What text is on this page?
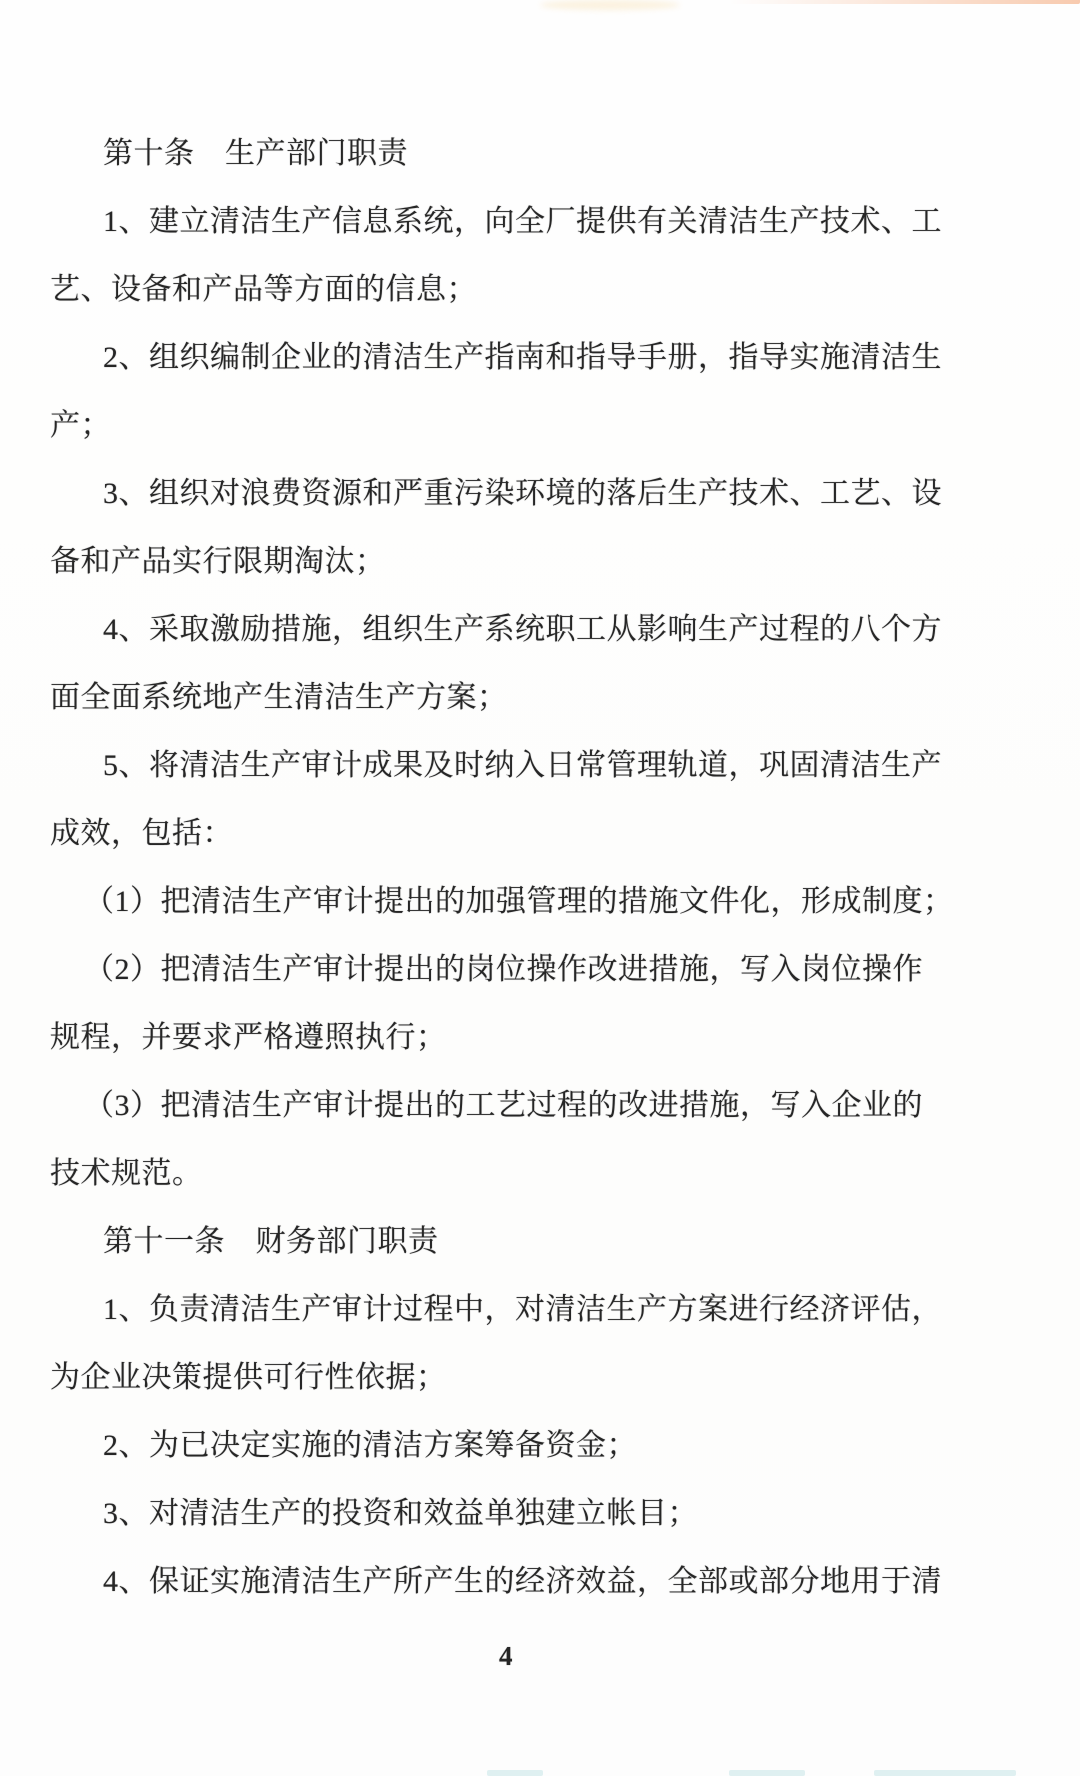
第十条　生产部门职责
1、建立清洁生产信息系统，向全厂提供有关清洁生产技术、工
艺、设备和产品等方面的信息；
2、组织编制企业的清洁生产指南和指导手册，指导实施清洁生
产；
3、组织对浪费资源和严重污染环境的落后生产技术、工艺、设
备和产品实行限期淘汰；
4、采取激励措施，组织生产系统职工从影响生产过程的八个方
面全面系统地产生清洁生产方案；
5、将清洁生产审计成果及时纳入日常管理轨道，巩固清洁生产
成效，包括：
（1）把清洁生产审计提出的加强管理的措施文件化，形成制度；
（2）把清洁生产审计提出的岗位操作改进措施，写入岗位操作
规程，并要求严格遵照执行；
（3）把清洁生产审计提出的工艺过程的改进措施，写入企业的
技术规范。
第十一条　财务部门职责
1、负责清洁生产审计过程中，对清洁生产方案进行经济评估，
为企业决策提供可行性依据；
2、为已决定实施的清洁方案筹备资金；
3、对清洁生产的投资和效益单独建立帐目；
4、保证实施清洁生产所产生的经济效益，全部或部分地用于清
4
